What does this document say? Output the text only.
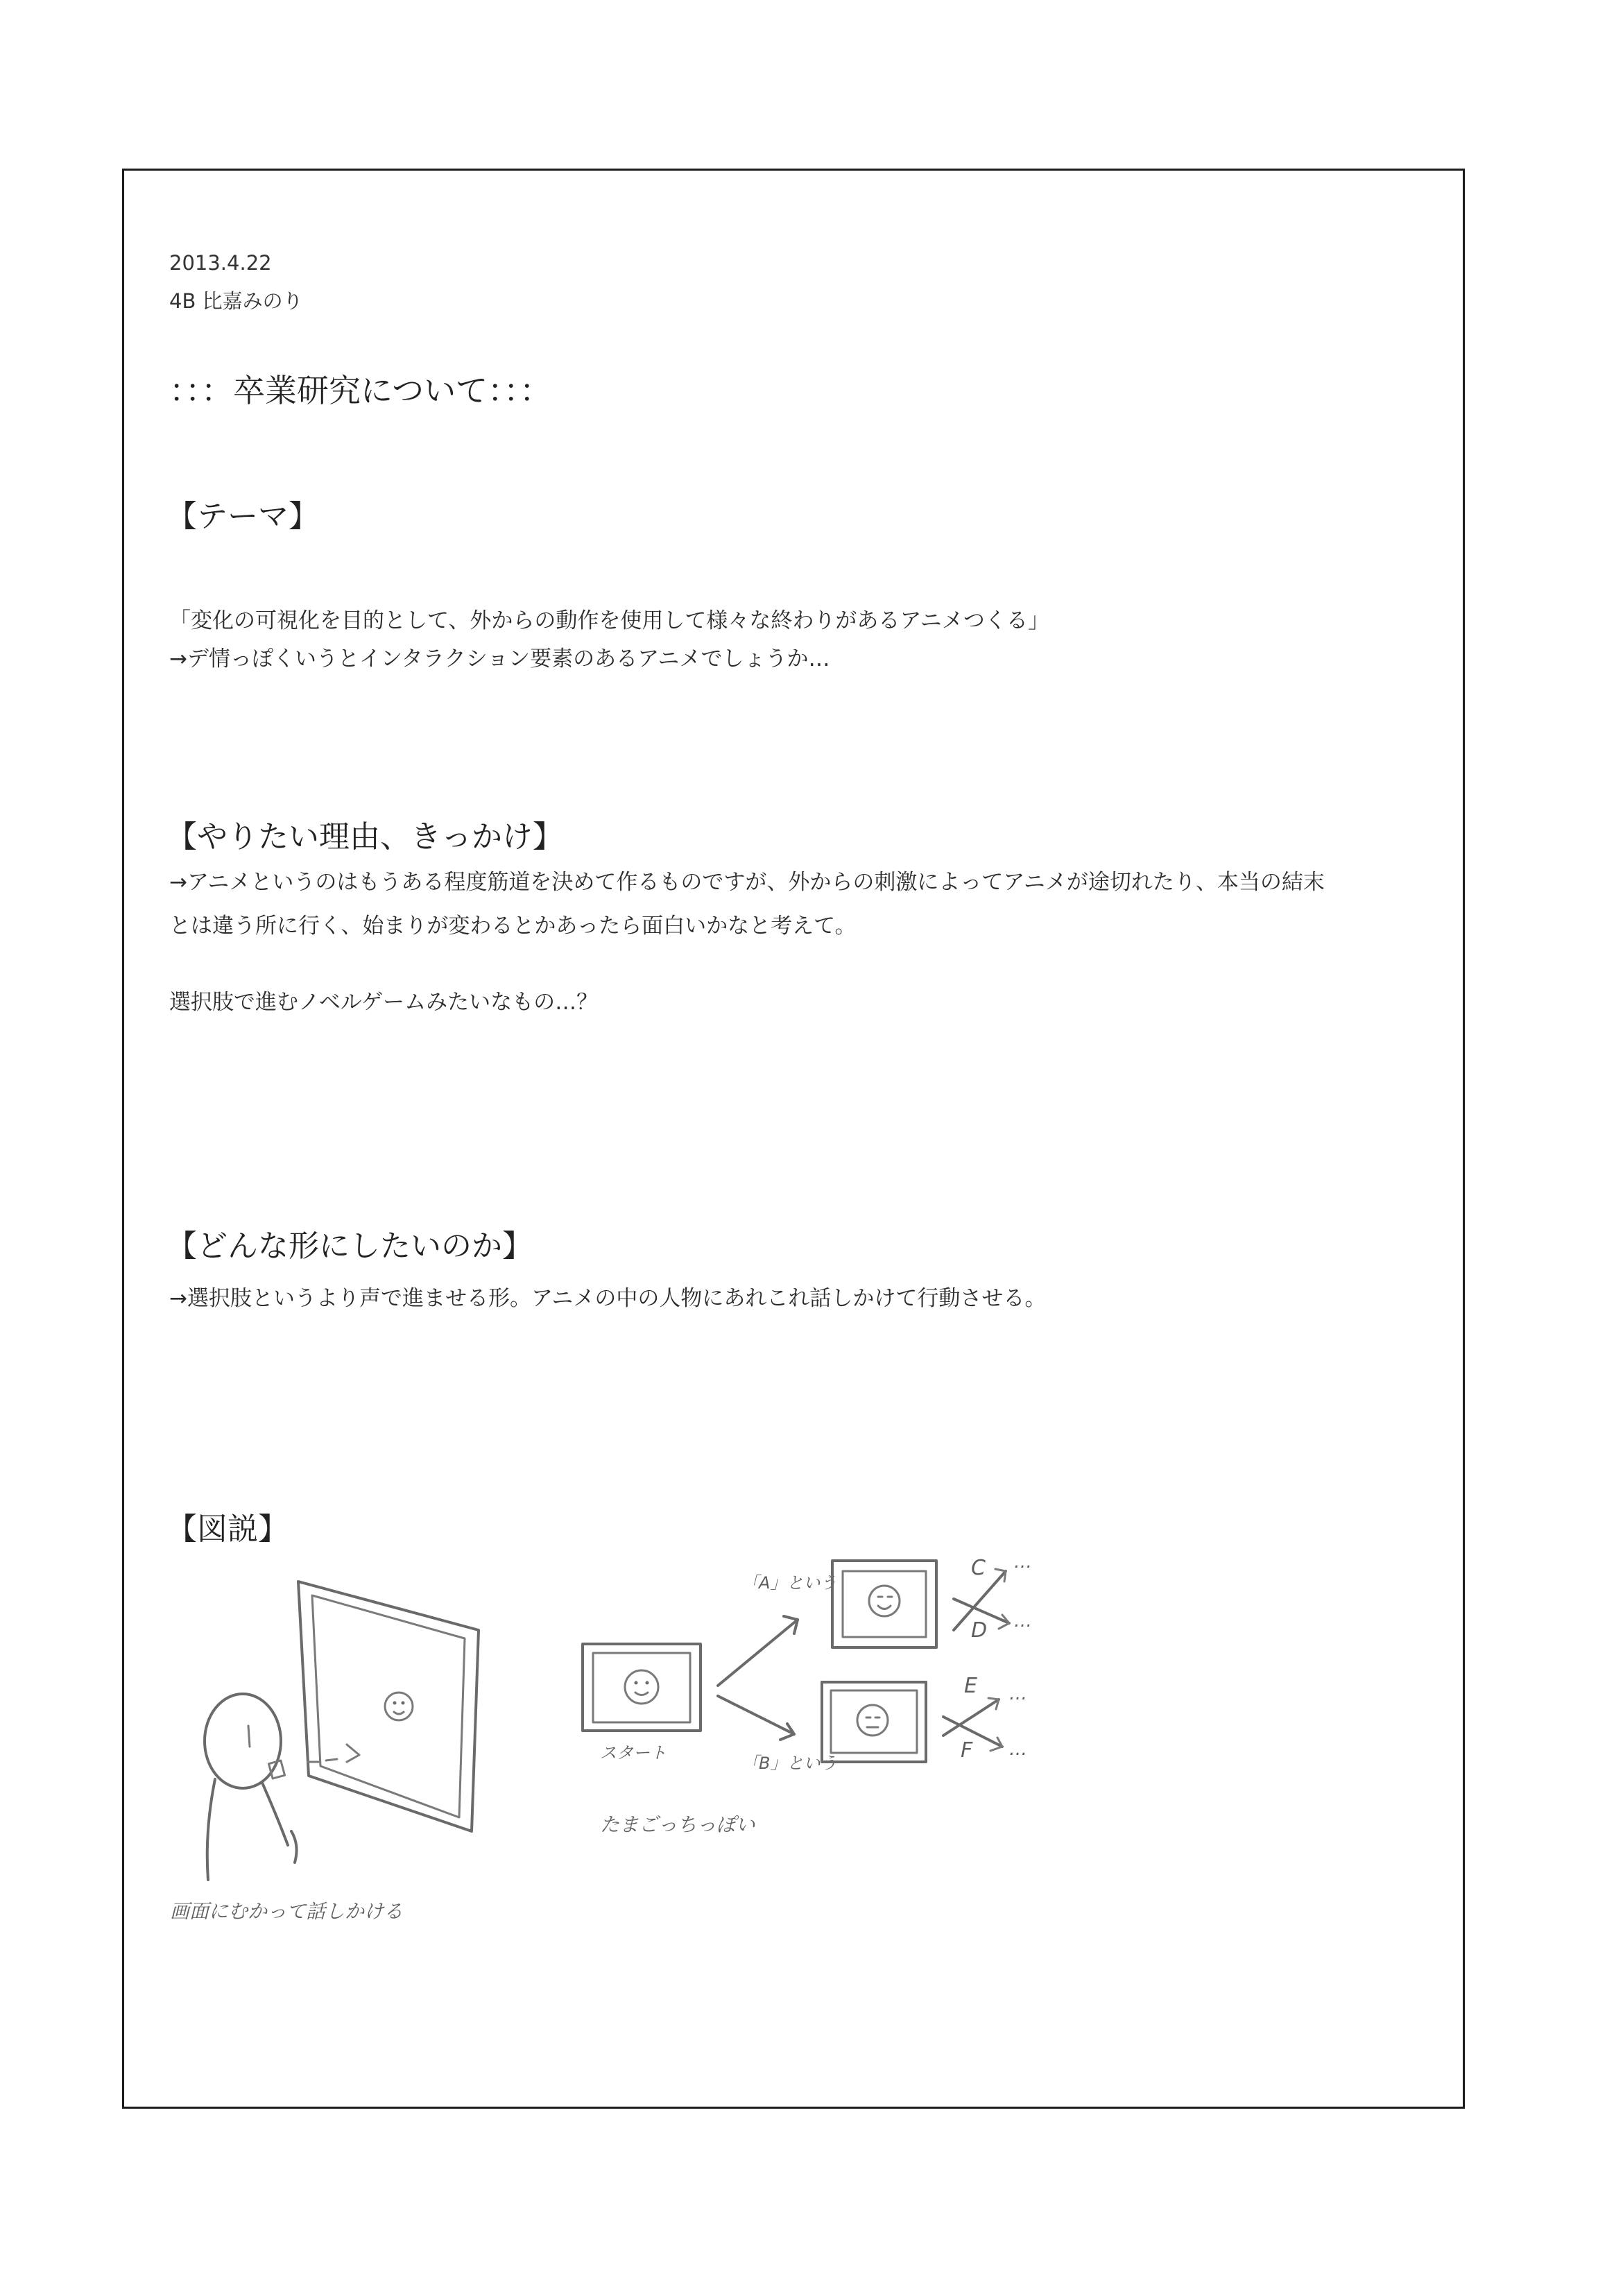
2013.4.22
4B 比嘉みのり
：：：卒業研究について：：：
【テーマ】
「変化の可視化を目的として、外からの動作を使用して様々な終わりがあるアニメつくる」
→デ情っぽくいうとインタラクション要素のあるアニメでしょうか…
【やりたい理由、きっかけ】
→アニメというのはもうある程度筋道を決めて作るものですが、外からの刺激によってアニメが途切れたり、本当の結末
とは違う所に行く、始まりが変わるとかあったら面白いかなと考えて。
選択肢で進むノベルゲームみたいなもの…？
【どんな形にしたいのか】
→選択肢というより声で進ませる形。アニメの中の人物にあれこれ話しかけて行動させる。
【図説】
画面にむかって話しかける
スタート
たまごっちっぽい
「A」という
「B」という
C …
D …
E …
F …
